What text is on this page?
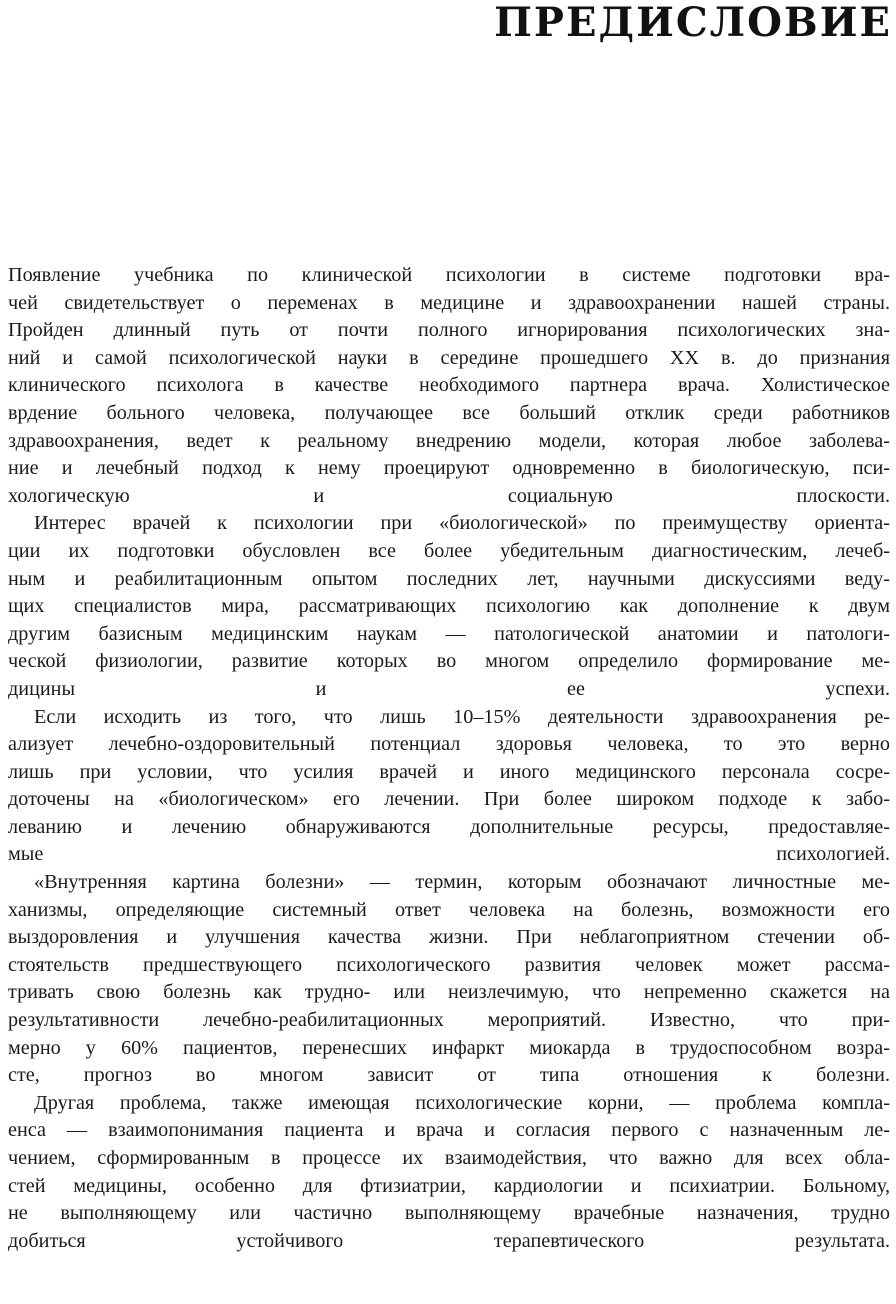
ПРЕДИСЛОВИЕ

Появление учебника по клинической психологии в системе подготовки вра-
чей свидетельствует о переменах в медицине и здравоохранении нашей страны.
Пройден длинный путь от почти полного игнорирования психологических зна-
ний и самой психологической науки в середине прошедшего XX в. до признания
клинического психолога в качестве необходимого партнера врача. Холистическое
врдение больного человека, получающее все больший отклик среди работников
здравоохранения, ведет к реальному внедрению модели, которая любое заболева-
ние и лечебный подход к нему проецируют одновременно в биологическую, пси-
хологическую и социальную плоскости.

Интерес врачей к психологии при «биологической» по преимуществу ориента-
ции их подготовки обусловлен все более убедительным диагностическим, лечеб-
ным и реабилитационным опытом последних лет, научными дискуссиями веду-
щих специалистов мира, рассматривающих психологию как дополнение к двум
другим базисным медицинским наукам — патологической анатомии и патологи-
ческой физиологии, развитие которых во многом определило формирование ме-
дицины и ее успехи.

Если исходить из того, что лишь 10–15% деятельности здравоохранения ре-
ализует лечебно-оздоровительный потенциал здоровья человека, то это верно
лишь при условии, что усилия врачей и иного медицинского персонала сосре-
доточены на «биологическом» его лечении. При более широком подходе к забо-
леванию и лечению обнаруживаются дополнительные ресурсы, предоставляе-
мые психологией.

«Внутренняя картина болезни» — термин, которым обозначают личностные ме-
ханизмы, определяющие системный ответ человека на болезнь, возможности его
выздоровления и улучшения качества жизни. При неблагоприятном стечении об-
стоятельств предшествующего психологического развития человек может рассма-
тривать свою болезнь как трудно- или неизлечимую, что непременно скажется на
результативности лечебно-реабилитационных мероприятий. Известно, что при-
мерно у 60% пациентов, перенесших инфаркт миокарда в трудоспособном возра-
сте, прогноз во многом зависит от типа отношения к болезни.

Другая проблема, также имеющая психологические корни, — проблема компла-
енса — взаимопонимания пациента и врача и согласия первого с назначенным ле-
чением, сформированным в процессе их взаимодействия, что важно для всех обла-
стей медицины, особенно для фтизиатрии, кардиологии и психиатрии. Больному,
не выполняющему или частично выполняющему врачебные назначения, трудно
добиться устойчивого терапевтического результата.
